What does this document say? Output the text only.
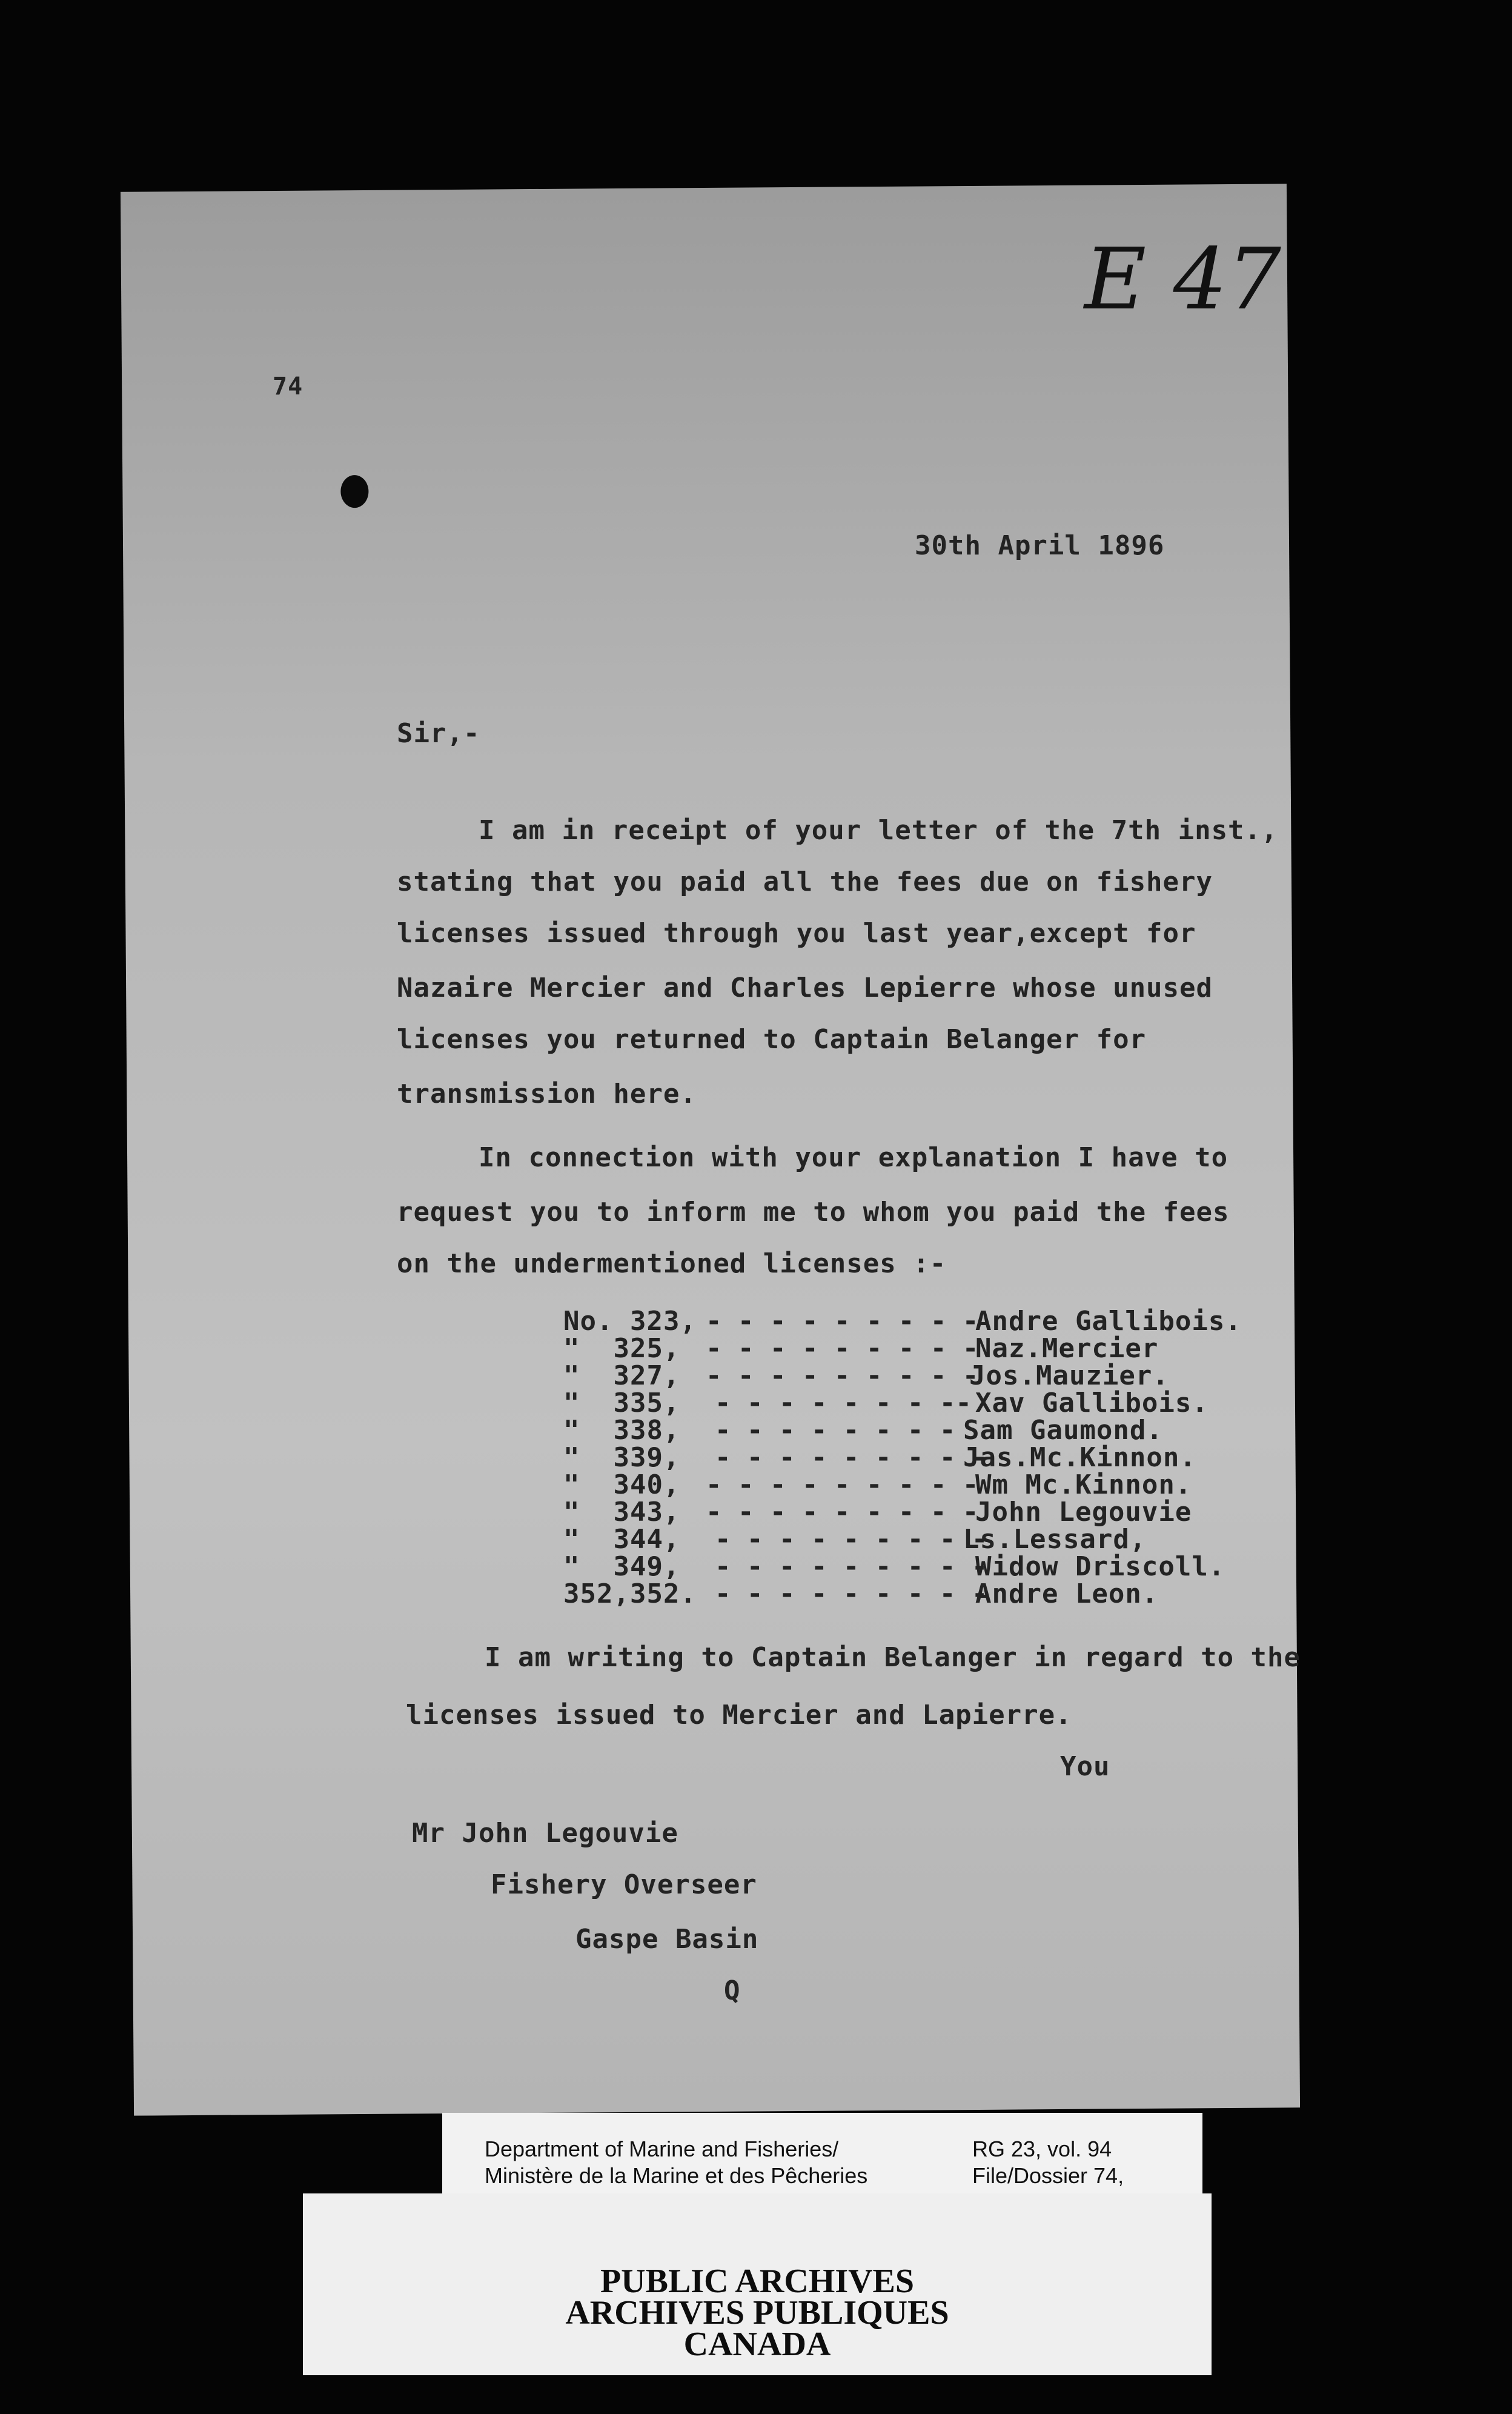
74
E 47
30th April 1896
Sir,-
I am in receipt of your letter of the 7th inst.,
stating that you paid all the fees due on fishery
licenses issued through you last year,except for
Nazaire Mercier and Charles Lepierre whose unused
licenses you returned to Captain Belanger for
transmission here.
In connection with your explanation I have to
request you to inform me to whom you paid the fees
on the undermentioned licenses :-
No. 323, - - - - - - - - -
Andre Gallibois.
"  325, - - - - - - - - -
Naz.Mercier
"  327, - - - - - - - - -
Jos.Mauzier.
"  335, - - - - - - - -- Xav Gallibois.
"  338, - - - - - - - - Sam Gaumond.
"  339, - - - - - - - - -
Jas.Mc.Kinnon.
"  340, - - - - - - - - -
Wm Mc.Kinnon.
"  343, - - - - - - - - -
John Legouvie
"  344, - - - - - - - - -
Ls.Lessard,
"  349, - - - - - - - - -
Widow Driscoll.
352,352. - - - - - - - - -
Andre Leon.
I am writing to Captain Belanger in regard to the
licenses issued to Mercier and Lapierre.
You
Mr John Legouvie
Fishery Overseer
Gaspe Basin
Q
Department of Marine and Fisheries/
Ministère de la Marine et des Pêcheries
RG 23, vol. 94
File/Dossier 74,
PUBLIC ARCHIVES
ARCHIVES PUBLIQUES
CANADA
